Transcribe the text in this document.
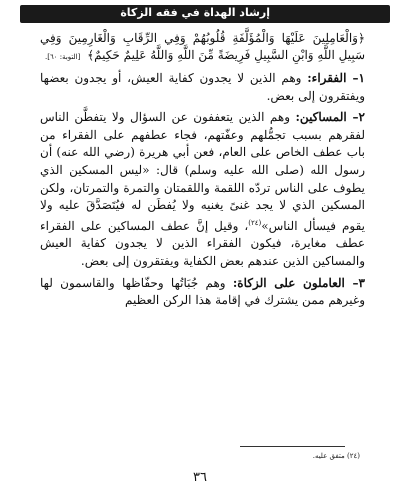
إرشاد الهداة في فقه الزكاة
﴿وَالْعَامِلِينَ عَلَيْهَا وَالْمُؤَلَّفَةِ قُلُوبُهُمْ وَفِي الرِّقَابِ وَالْغَارِمِينَ وَفِي سَبِيلِ اللَّهِ وَابْنِ السَّبِيلِ فَرِيضَةً مِّنَ اللَّهِ وَاللَّهُ عَلِيمٌ حَكِيمٌ﴾ [التوبة: ٦٠].
١– الفقراء: وهم الذين لا يجدون كفاية العيش، أو يجدون بعضها ويفتقرون إلى بعض.
٢– المساكين: وهم الذين يتعففون عن السؤال ولا يتفطَّن الناس لفقرهم بسبب تجمُّلهم وعفّتهم، فجاء عطفهم على الفقراء من باب عطف الخاص على العام، فعن أبي هريرة (رضي الله عنه) أن رسول الله (صلى الله عليه وسلم) قال: «ليس المسكين الذي يطوف على الناس تردّه اللقمة واللقمتان والتمرة والتمرتان، ولكن المسكين الذي لا يجد غنىً يغنيه ولا يُفطَن له فيُتَصَدَّقَ عليه ولا يقوم فيسأل الناس»$^{(٢٤)}$، وقيل إنَّ عطف المساكين على الفقراء عطف مغايرة، فيكون الفقراء الذين لا يجدون كفاية العيش والمساكين الذين عندهم بعض الكفاية ويفتقرون إلى بعض.
٣– العاملون على الزكاة: وهم جُبَاتُها وحفّاظها والقاسمون لها وغيرهم ممن يشترك في إقامة هذا الركن العظيم
(٢٤) متفق عليه.
٣٦
